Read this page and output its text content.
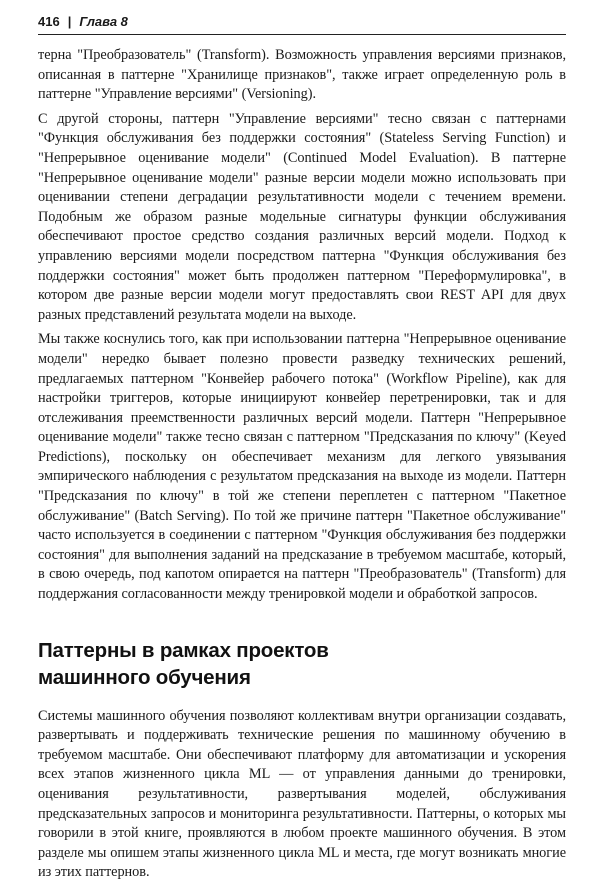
416 | Глава 8

терна "Преобразователь" (Transform). Возможность управления версиями признаков, описанная в паттерне "Хранилище признаков", также играет определенную роль в паттерне "Управление версиями" (Versioning).

С другой стороны, паттерн "Управление версиями" тесно связан с паттернами "Функция обслуживания без поддержки состояния" (Stateless Serving Function) и "Непрерывное оценивание модели" (Continued Model Evaluation). В паттерне "Непрерывное оценивание модели" разные версии модели можно использовать при оценивании степени деградации результативности модели с течением времени. Подобным же образом разные модельные сигнатуры функции обслуживания обеспечивают простое средство создания различных версий модели. Подход к управлению версиями модели посредством паттерна "Функция обслуживания без поддержки состояния" может быть продолжен паттерном "Переформулировка", в котором две разные версии модели могут предоставлять свои REST API для двух разных представлений результата модели на выходе.

Мы также коснулись того, как при использовании паттерна "Непрерывное оценивание модели" нередко бывает полезно провести разведку технических решений, предлагаемых паттерном "Конвейер рабочего потока" (Workflow Pipeline), как для настройки триггеров, которые инициируют конвейер перетренировки, так и для отслеживания преемственности различных версий модели. Паттерн "Непрерывное оценивание модели" также тесно связан с паттерном "Предсказания по ключу" (Keyed Predictions), поскольку он обеспечивает механизм для легкого увязывания эмпирического наблюдения с результатом предсказания на выходе из модели. Паттерн "Предсказания по ключу" в той же степени переплетен с паттерном "Пакетное обслуживание" (Batch Serving). По той же причине паттерн "Пакетное обслуживание" часто используется в соединении с паттерном "Функция обслуживания без поддержки состояния" для выполнения заданий на предсказание в требуемом масштабе, который, в свою очередь, под капотом опирается на паттерн "Преобразователь" (Transform) для поддержания согласованности между тренировкой модели и обработкой запросов.

Паттерны в рамках проектов
машинного обучения

Системы машинного обучения позволяют коллективам внутри организации создавать, развертывать и поддерживать технические решения по машинному обучению в требуемом масштабе. Они обеспечивают платформу для автоматизации и ускорения всех этапов жизненного цикла ML — от управления данными до тренировки, оценивания результативности, развертывания моделей, обслуживания предсказательных запросов и мониторинга результативности. Паттерны, о которых мы говорили в этой книге, проявляются в любом проекте машинного обучения. В этом разделе мы опишем этапы жизненного цикла ML и места, где могут возникать многие из этих паттернов.
